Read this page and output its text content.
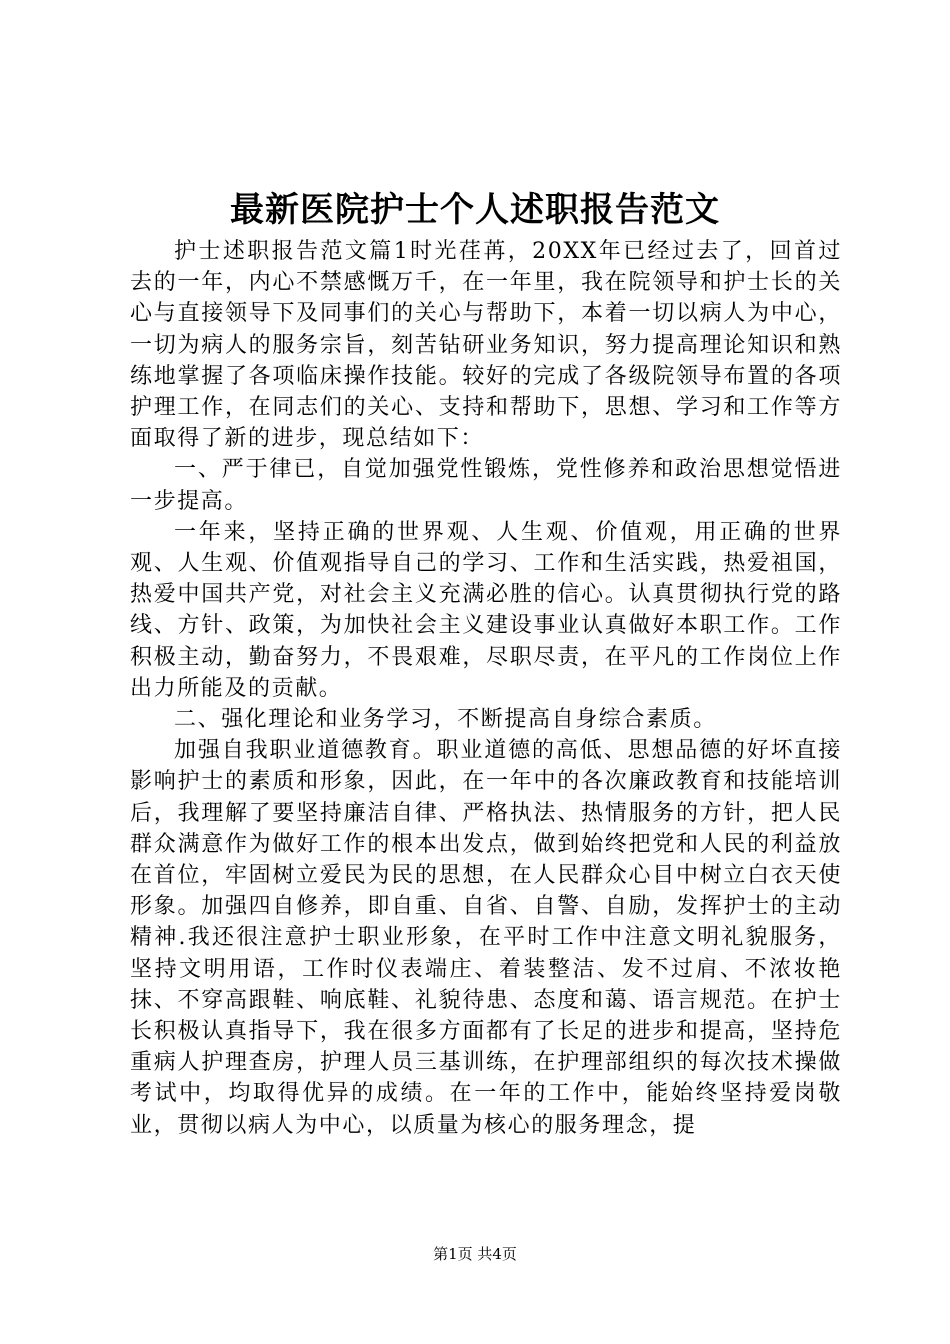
最新医院护士个人述职报告范文

护士述职报告范文篇1时光荏苒，20XX年已经过去了，回首过去的一年，内心不禁感慨万千，在一年里，我在院领导和护士长的关心与直接领导下及同事们的关心与帮助下，本着一切以病人为中心，一切为病人的服务宗旨，刻苦钻研业务知识，努力提高理论知识和熟练地掌握了各项临床操作技能。较好的完成了各级院领导布置的各项护理工作，在同志们的关心、支持和帮助下，思想、学习和工作等方面取得了新的进步，现总结如下：

一、严于律已，自觉加强党性锻炼，党性修养和政治思想觉悟进一步提高。

一年来，坚持正确的世界观、人生观、价值观，用正确的世界观、人生观、价值观指导自己的学习、工作和生活实践，热爱祖国，热爱中国共产党，对社会主义充满必胜的信心。认真贯彻执行党的路线、方针、政策，为加快社会主义建设事业认真做好本职工作。工作积极主动，勤奋努力，不畏艰难，尽职尽责，在平凡的工作岗位上作出力所能及的贡献。

二、强化理论和业务学习，不断提高自身综合素质。

加强自我职业道德教育。职业道德的高低、思想品德的好坏直接影响护士的素质和形象，因此，在一年中的各次廉政教育和技能培训后，我理解了要坚持廉洁自律、严格执法、热情服务的方针，把人民群众满意作为做好工作的根本出发点，做到始终把党和人民的利益放在首位，牢固树立爱民为民的思想，在人民群众心目中树立白衣天使形象。加强四自修养，即自重、自省、自警、自励，发挥护士的主动精神.我还很注意护士职业形象，在平时工作中注意文明礼貌服务，坚持文明用语，工作时仪表端庄、着装整洁、发不过肩、不浓妆艳抹、不穿高跟鞋、响底鞋、礼貌待患、态度和蔼、语言规范。在护士长积极认真指导下，我在很多方面都有了长足的进步和提高，坚持危重病人护理查房，护理人员三基训练，在护理部组织的每次技术操做考试中，均取得优异的成绩。在一年的工作中，能始终坚持爱岗敬业，贯彻以病人为中心，以质量为核心的服务理念，提

第1页 共4页
